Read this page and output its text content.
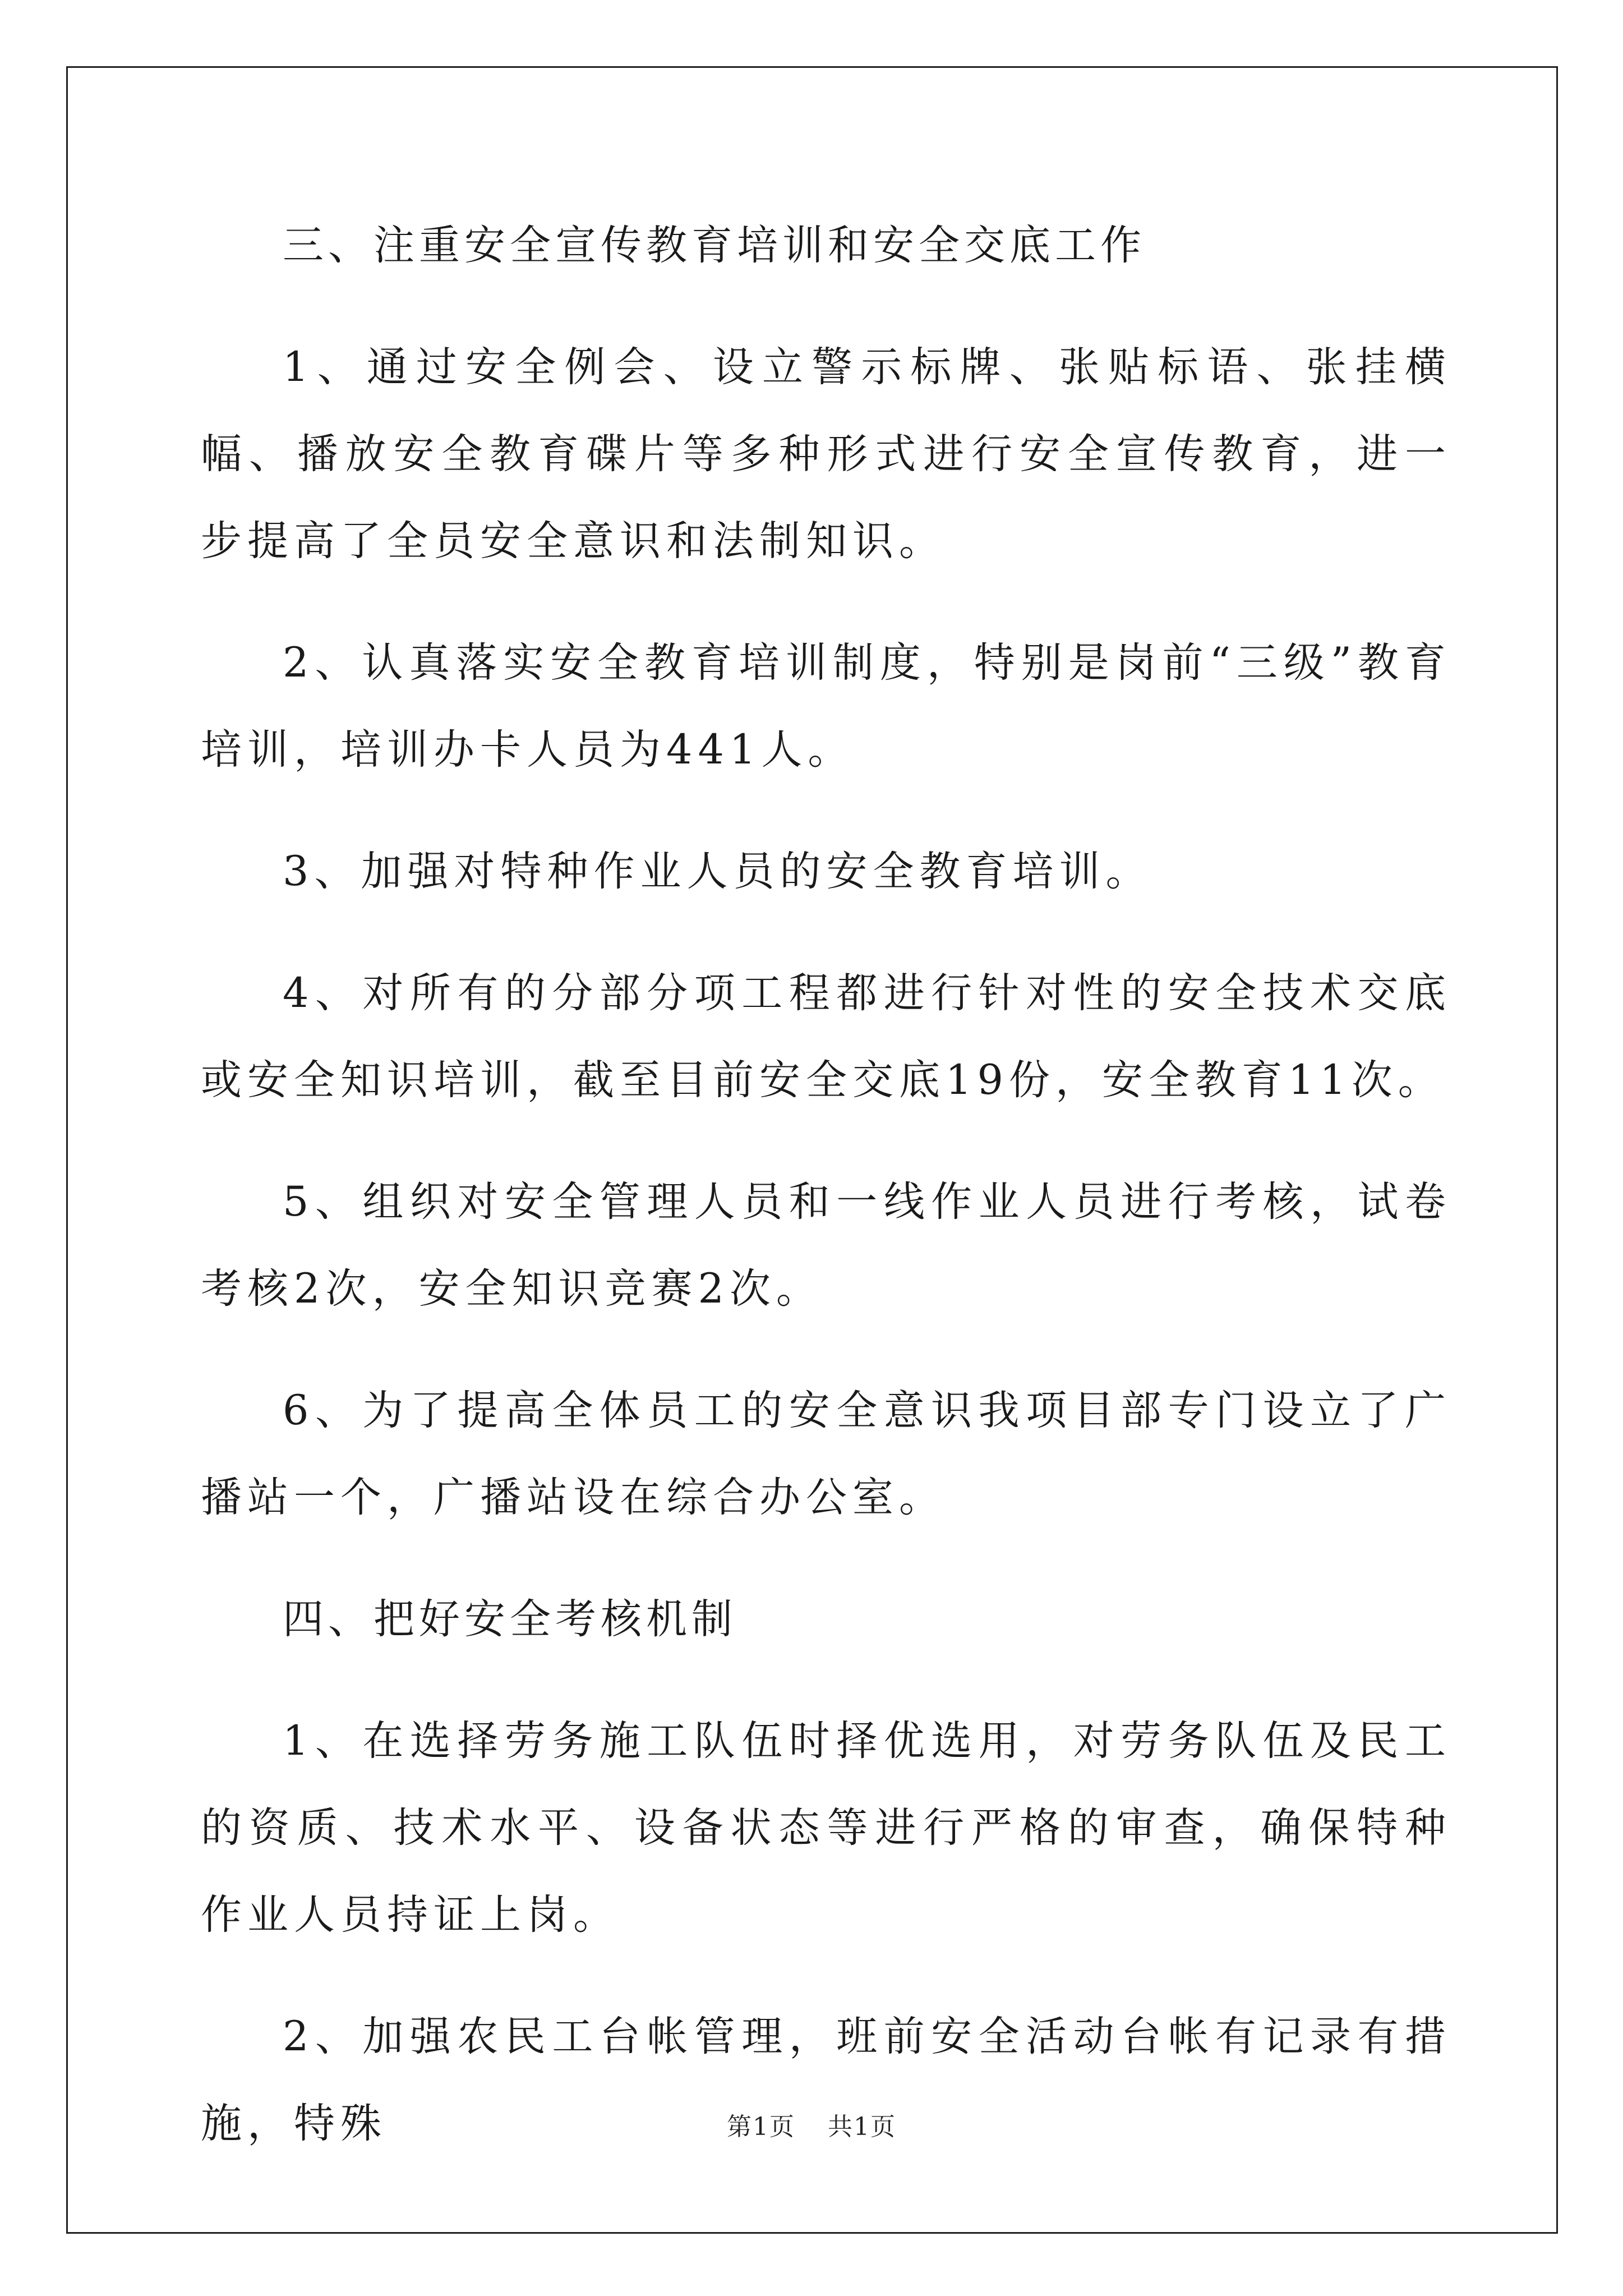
三、注重安全宣传教育培训和安全交底工作

1、通过安全例会、设立警示标牌、张贴标语、张挂横幅、播放安全教育碟片等多种形式进行安全宣传教育，进一步提高了全员安全意识和法制知识。

2、认真落实安全教育培训制度，特别是岗前“三级”教育培训，培训办卡人员为441人。

3、加强对特种作业人员的安全教育培训。

4、对所有的分部分项工程都进行针对性的安全技术交底或安全知识培训，截至目前安全交底19份，安全教育11次。

5、组织对安全管理人员和一线作业人员进行考核，试卷考核2次，安全知识竞赛2次。

6、为了提高全体员工的安全意识我项目部专门设立了广播站一个，广播站设在综合办公室。

四、把好安全考核机制

1、在选择劳务施工队伍时择优选用，对劳务队伍及民工的资质、技术水平、设备状态等进行严格的审查，确保特种作业人员持证上岗。

2、加强农民工台帐管理，班前安全活动台帐有记录有措施，特殊	第1页 共1页
